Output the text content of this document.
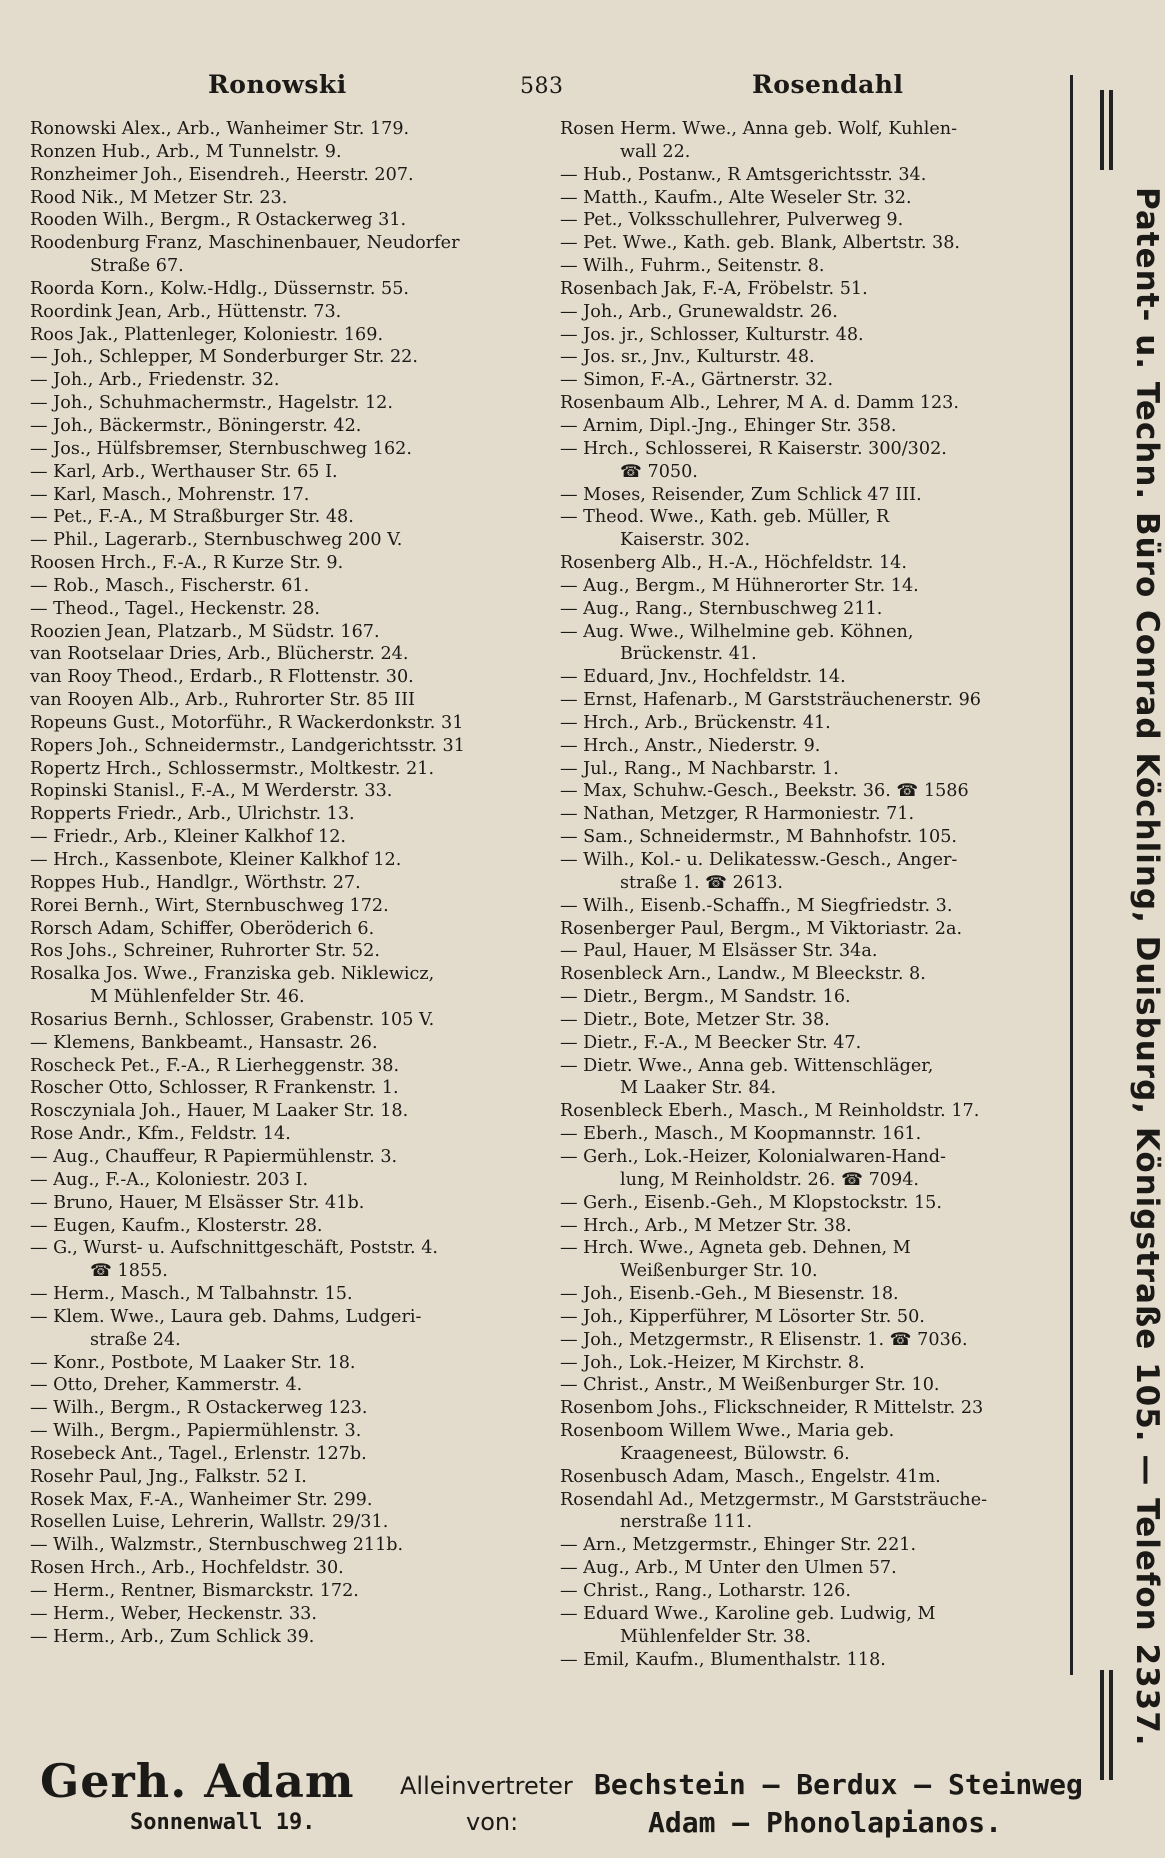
Ronowski	583	Rosendahl
Ronowski Alex., Arb., Wanheimer Str. 179.
Ronzen Hub., Arb., M Tunnelstr. 9.
Ronzheimer Joh., Eisendreh., Heerstr. 207.
Rood Nik., M Metzer Str. 23.
Rooden Wilh., Bergm., R Ostackerweg 31.
Roodenburg Franz, Maschinenbauer, Neudorfer
Straße 67.
Roorda Korn., Kolw.-Hdlg., Düssernstr. 55.
Roordink Jean, Arb., Hüttenstr. 73.
Roos Jak., Plattenleger, Koloniestr. 169.
— Joh., Schlepper, M Sonderburger Str. 22.
— Joh., Arb., Friedenstr. 32.
— Joh., Schuhmachermstr., Hagelstr. 12.
— Joh., Bäckermstr., Böningerstr. 42.
— Jos., Hülfsbremser, Sternbuschweg 162.
— Karl, Arb., Werthauser Str. 65 I.
— Karl, Masch., Mohrenstr. 17.
— Pet., F.-A., M Straßburger Str. 48.
— Phil., Lagerarb., Sternbuschweg 200 V.
Roosen Hrch., F.-A., R Kurze Str. 9.
— Rob., Masch., Fischerstr. 61.
— Theod., Tagel., Heckenstr. 28.
Roozien Jean, Platzarb., M Südstr. 167.
van Rootselaar Dries, Arb., Blücherstr. 24.
van Rooy Theod., Erdarb., R Flottenstr. 30.
van Rooyen Alb., Arb., Ruhrorter Str. 85 III
Ropeuns Gust., Motorführ., R Wackerdonkstr. 31
Ropers Joh., Schneidermstr., Landgerichtsstr. 31
Ropertz Hrch., Schlossermstr., Moltkestr. 21.
Ropinski Stanisl., F.-A., M Werderstr. 33.
Ropperts Friedr., Arb., Ulrichstr. 13.
— Friedr., Arb., Kleiner Kalkhof 12.
— Hrch., Kassenbote, Kleiner Kalkhof 12.
Roppes Hub., Handlgr., Wörthstr. 27.
Rorei Bernh., Wirt, Sternbuschweg 172.
Rorsch Adam, Schiffer, Oberöderich 6.
Ros Johs., Schreiner, Ruhrorter Str. 52.
Rosalka Jos. Wwe., Franziska geb. Niklewicz,
M Mühlenfelder Str. 46.
Rosarius Bernh., Schlosser, Grabenstr. 105 V.
— Klemens, Bankbeamt., Hansastr. 26.
Roscheck Pet., F.-A., R Lierheggenstr. 38.
Roscher Otto, Schlosser, R Frankenstr. 1.
Rosczyniala Joh., Hauer, M Laaker Str. 18.
Rose Andr., Kfm., Feldstr. 14.
— Aug., Chauffeur, R Papiermühlenstr. 3.
— Aug., F.-A., Koloniestr. 203 I.
— Bruno, Hauer, M Elsässer Str. 41b.
— Eugen, Kaufm., Klosterstr. 28.
— G., Wurst- u. Aufschnittgeschäft, Poststr. 4.
☎ 1855.
— Herm., Masch., M Talbahnstr. 15.
— Klem. Wwe., Laura geb. Dahms, Ludgeri-
straße 24.
— Konr., Postbote, M Laaker Str. 18.
— Otto, Dreher, Kammerstr. 4.
— Wilh., Bergm., R Ostackerweg 123.
— Wilh., Bergm., Papiermühlenstr. 3.
Rosebeck Ant., Tagel., Erlenstr. 127b.
Rosehr Paul, Jng., Falkstr. 52 I.
Rosek Max, F.-A., Wanheimer Str. 299.
Rosellen Luise, Lehrerin, Wallstr. 29/31.
— Wilh., Walzmstr., Sternbuschweg 211b.
Rosen Hrch., Arb., Hochfeldstr. 30.
— Herm., Rentner, Bismarckstr. 172.
— Herm., Weber, Heckenstr. 33.
— Herm., Arb., Zum Schlick 39.
Rosen Herm. Wwe., Anna geb. Wolf, Kuhlen-
wall 22.
— Hub., Postanw., R Amtsgerichtsstr. 34.
— Matth., Kaufm., Alte Weseler Str. 32.
— Pet., Volksschullehrer, Pulverweg 9.
— Pet. Wwe., Kath. geb. Blank, Albertstr. 38.
— Wilh., Fuhrm., Seitenstr. 8.
Rosenbach Jak, F.-A, Fröbelstr. 51.
— Joh., Arb., Grunewaldstr. 26.
— Jos. jr., Schlosser, Kulturstr. 48.
— Jos. sr., Jnv., Kulturstr. 48.
— Simon, F.-A., Gärtnerstr. 32.
Rosenbaum Alb., Lehrer, M A. d. Damm 123.
— Arnim, Dipl.-Jng., Ehinger Str. 358.
— Hrch., Schlosserei, R Kaiserstr. 300/302.
☎ 7050.
— Moses, Reisender, Zum Schlick 47 III.
— Theod. Wwe., Kath. geb. Müller, R
Kaiserstr. 302.
Rosenberg Alb., H.-A., Höchfeldstr. 14.
— Aug., Bergm., M Hühnerorter Str. 14.
— Aug., Rang., Sternbuschweg 211.
— Aug. Wwe., Wilhelmine geb. Köhnen,
Brückenstr. 41.
— Eduard, Jnv., Hochfeldstr. 14.
— Ernst, Hafenarb., M Garststräuchenerstr. 96
— Hrch., Arb., Brückenstr. 41.
— Hrch., Anstr., Niederstr. 9.
— Jul., Rang., M Nachbarstr. 1.
— Max, Schuhw.-Gesch., Beekstr. 36. ☎ 1586
— Nathan, Metzger, R Harmoniestr. 71.
— Sam., Schneidermstr., M Bahnhofstr. 105.
— Wilh., Kol.- u. Delikatessw.-Gesch., Anger-
straße 1. ☎ 2613.
— Wilh., Eisenb.-Schaffn., M Siegfriedstr. 3.
Rosenberger Paul, Bergm., M Viktoriastr. 2a.
— Paul, Hauer, M Elsässer Str. 34a.
Rosenbleck Arn., Landw., M Bleeckstr. 8.
— Dietr., Bergm., M Sandstr. 16.
— Dietr., Bote, Metzer Str. 38.
— Dietr., F.-A., M Beecker Str. 47.
— Dietr. Wwe., Anna geb. Wittenschläger,
M Laaker Str. 84.
Rosenbleck Eberh., Masch., M Reinholdstr. 17.
— Eberh., Masch., M Koopmannstr. 161.
— Gerh., Lok.-Heizer, Kolonialwaren-Hand-
lung, M Reinholdstr. 26. ☎ 7094.
— Gerh., Eisenb.-Geh., M Klopstockstr. 15.
— Hrch., Arb., M Metzer Str. 38.
— Hrch. Wwe., Agneta geb. Dehnen, M
Weißenburger Str. 10.
— Joh., Eisenb.-Geh., M Biesenstr. 18.
— Joh., Kipperführer, M Lösorter Str. 50.
— Joh., Metzgermstr., R Elisenstr. 1. ☎ 7036.
— Joh., Lok.-Heizer, M Kirchstr. 8.
— Christ., Anstr., M Weißenburger Str. 10.
Rosenbom Johs., Flickschneider, R Mittelstr. 23
Rosenboom Willem Wwe., Maria geb.
Kraageneest, Bülowstr. 6.
Rosenbusch Adam, Masch., Engelstr. 41m.
Rosendahl Ad., Metzgermstr., M Garststräuche-
nerstraße 111.
— Arn., Metzgermstr., Ehinger Str. 221.
— Aug., Arb., M Unter den Ulmen 57.
— Christ., Rang., Lotharstr. 126.
— Eduard Wwe., Karoline geb. Ludwig, M
Mühlenfelder Str. 38.
— Emil, Kaufm., Blumenthalstr. 118.	Patent- u. Techn. Büro Conrad Köchling, Duisburg, Königstraße 105. — Telefon 2337.
Gerh. Adam
Sonnenwall 19.
Alleinvertreter
von:
Bechstein – Berdux – Steinweg
Adam – Phonolapianos.
